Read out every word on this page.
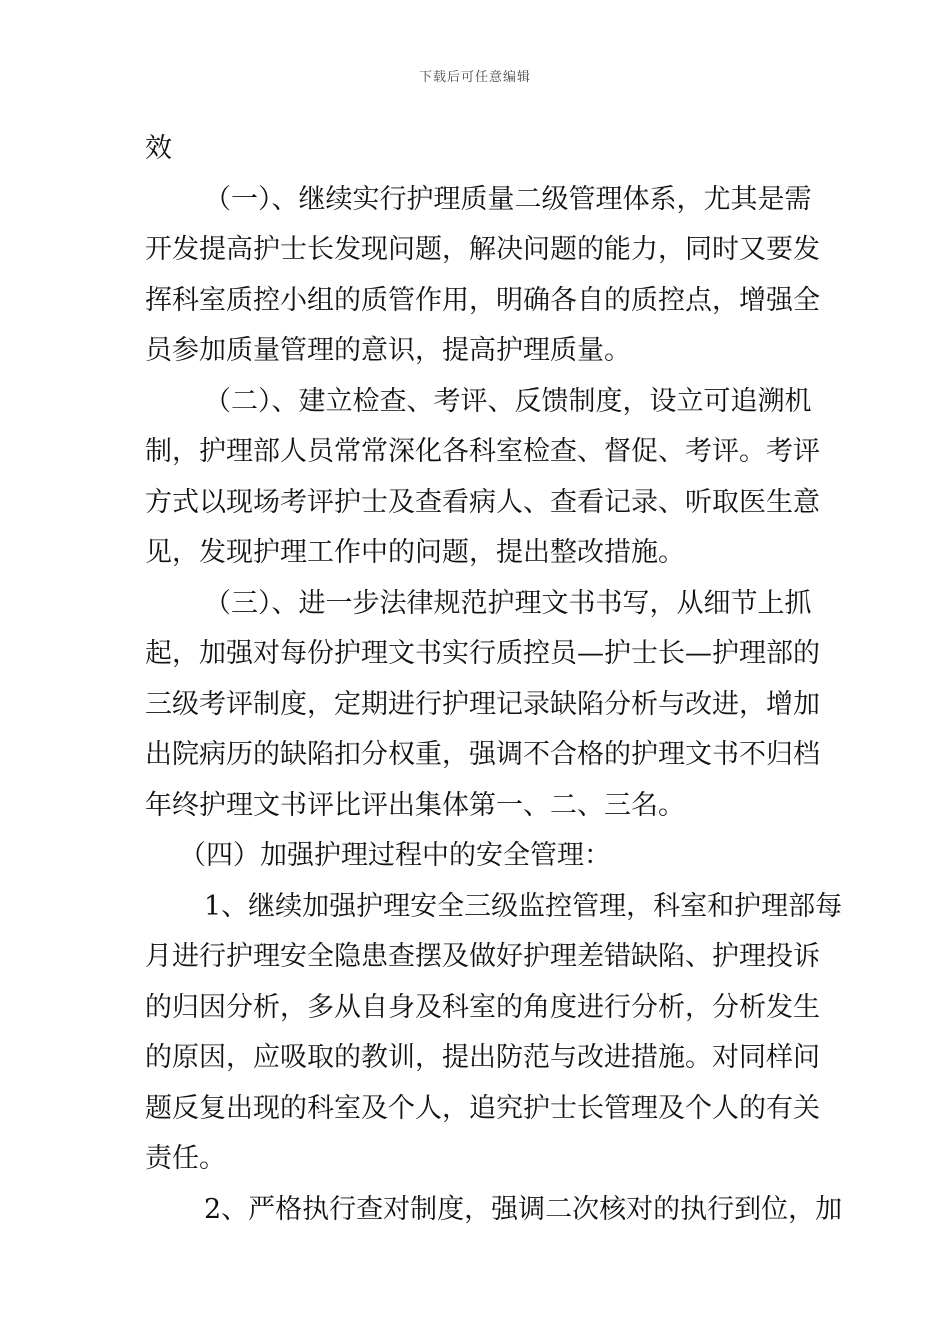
下载后可任意编辑
效
（一）、继续实行护理质量二级管理体系，尤其是需
开发提高护士长发现问题，解决问题的能力，同时又要发
挥科室质控小组的质管作用，明确各自的质控点，增强全
员参加质量管理的意识，提高护理质量。
（二）、建立检查、考评、反馈制度，设立可追溯机
制，护理部人员常常深化各科室检查、督促、考评。考评
方式以现场考评护士及查看病人、查看记录、听取医生意
见，发现护理工作中的问题，提出整改措施。
（三）、进一步法律规范护理文书书写，从细节上抓
起，加强对每份护理文书实行质控员—护士长—护理部的
三级考评制度，定期进行护理记录缺陷分析与改进，增加
出院病历的缺陷扣分权重，强调不合格的护理文书不归档
年终护理文书评比评出集体第一、二、三名。
（四）加强护理过程中的安全管理：
1、继续加强护理安全三级监控管理，科室和护理部每
月进行护理安全隐患查摆及做好护理差错缺陷、护理投诉
的归因分析，多从自身及科室的角度进行分析，分析发生
的原因，应吸取的教训，提出防范与改进措施。对同样问
题反复出现的科室及个人，追究护士长管理及个人的有关
责任。
2、严格执行查对制度，强调二次核对的执行到位，加
